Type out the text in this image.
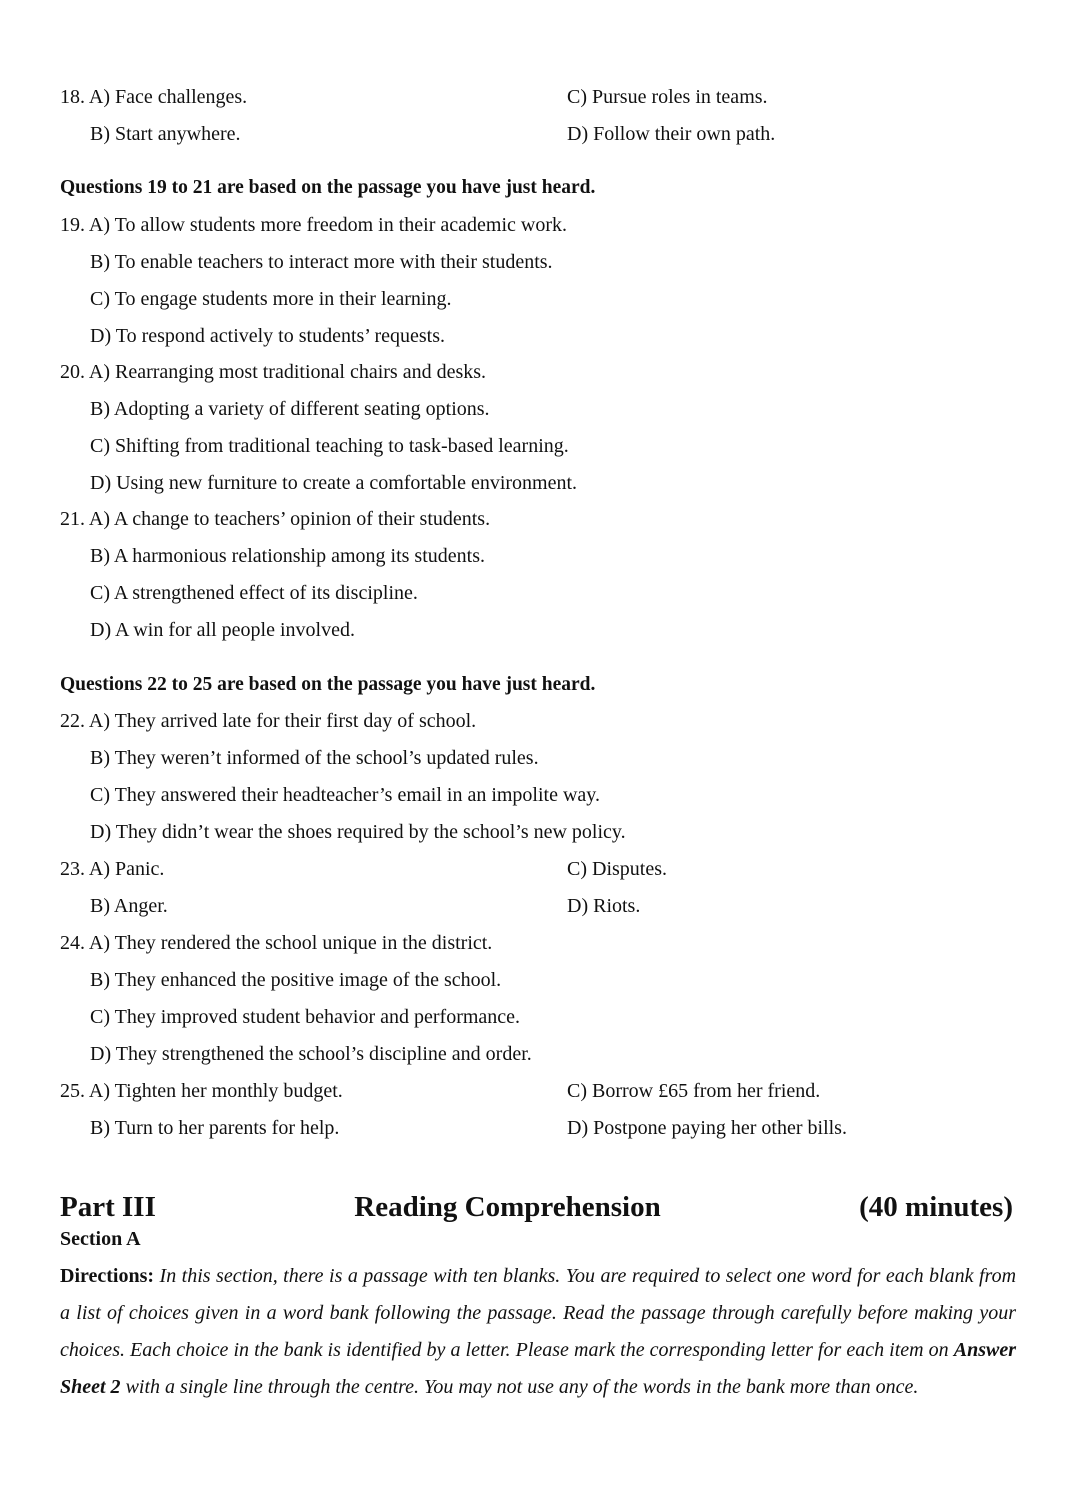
18. A) Face challenges.	C) Pursue roles in teams.
B) Start anywhere.	D) Follow their own path.
Questions 19 to 21 are based on the passage you have just heard.
19. A) To allow students more freedom in their academic work.
B) To enable teachers to interact more with their students.
C) To engage students more in their learning.
D) To respond actively to students’ requests.
20. A) Rearranging most traditional chairs and desks.
B) Adopting a variety of different seating options.
C) Shifting from traditional teaching to task-based learning.
D) Using new furniture to create a comfortable environment.
21. A) A change to teachers’ opinion of their students.
B) A harmonious relationship among its students.
C) A strengthened effect of its discipline.
D) A win for all people involved.
Questions 22 to 25 are based on the passage you have just heard.
22. A) They arrived late for their first day of school.
B) They weren’t informed of the school’s updated rules.
C) They answered their headteacher’s email in an impolite way.
D) They didn’t wear the shoes required by the school’s new policy.
23. A) Panic.	C) Disputes.
B) Anger.	D) Riots.
24. A) They rendered the school unique in the district.
B) They enhanced the positive image of the school.
C) They improved student behavior and performance.
D) They strengthened the school’s discipline and order.
25. A) Tighten her monthly budget.	C) Borrow £65 from her friend.
B) Turn to her parents for help.	D) Postpone paying her other bills.
Part III	Reading Comprehension	(40 minutes)
Section A
Directions: In this section, there is a passage with ten blanks. You are required to select one word for each blank from a list of choices given in a word bank following the passage. Read the passage through carefully before making your choices. Each choice in the bank is identified by a letter. Please mark the corresponding letter for each item on Answer Sheet 2 with a single line through the centre. You may not use any of the words in the bank more than once.
